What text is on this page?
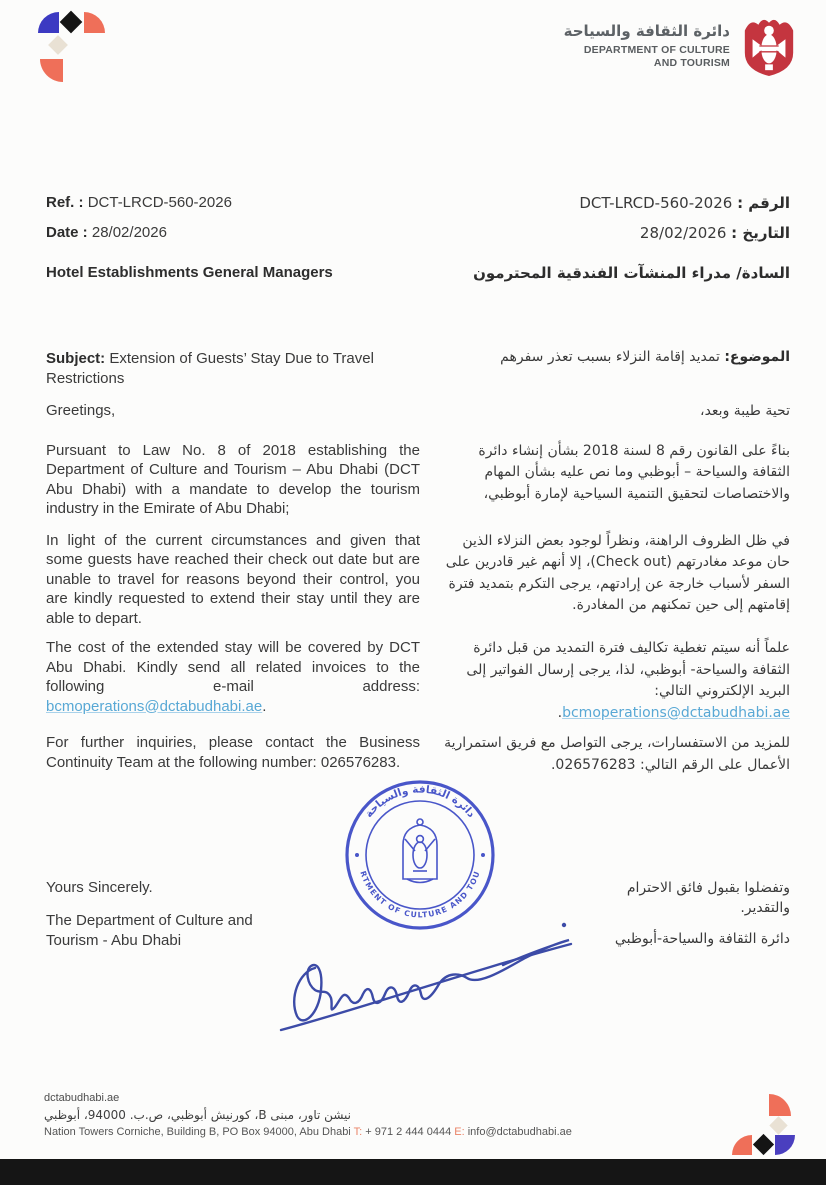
دائرة الثقافة والسياحة
DEPARTMENT OF CULTURE
AND TOURISM
Ref. : DCT-LRCD-560-2026
Date : 28/02/2026
الرقم : DCT-LRCD-560-2026
التاريخ : 28/02/2026
Hotel Establishments General Managers	السادة/ مدراء المنشآت الفندقية المحترمون
Subject: Extension of Guests’ Stay Due to Travel Restrictions
الموضوع: تمديد إقامة النزلاء بسبب تعذر سفرهم
Greetings,	تحية طيبة وبعد،
Pursuant to Law No. 8 of 2018 establishing the Department of Culture and Tourism – Abu Dhabi (DCT Abu Dhabi) with a mandate to develop the tourism industry in the Emirate of Abu Dhabi;
بناءً على القانون رقم 8 لسنة 2018 بشأن إنشاء دائرة الثقافة والسياحة – أبوظبي وما نص عليه بشأن المهام والاختصاصات لتحقيق التنمية السياحية لإمارة أبوظبي،
In light of the current circumstances and given that some guests have reached their check out date but are unable to travel for reasons beyond their control, you are kindly requested to extend their stay until they are able to depart.
في ظل الظروف الراهنة، ونظراً لوجود بعض النزلاء الذين حان موعد مغادرتهم (Check out)، إلا أنهم غير قادرين على السفر لأسباب خارجة عن إرادتهم، يرجى التكرم بتمديد فترة إقامتهم إلى حين تمكنهم من المغادرة.
The cost of the extended stay will be covered by DCT Abu Dhabi. Kindly send all related invoices to the following e-mail address: bcmoperations@dctabudhabi.ae.
علماً أنه سيتم تغطية تكاليف فترة التمديد من قبل دائرة الثقافة والسياحة- أبوظبي، لذا، يرجى إرسال الفواتير إلى البريد الإلكتروني التالي: bcmoperations@dctabudhabi.ae.
For further inquiries, please contact the Business Continuity Team at the following number: 026576283.
للمزيد من الاستفسارات، يرجى التواصل مع فريق استمرارية الأعمال على الرقم التالي: 026576283.
دائرة الثقافة والسياحة
DEPARTMENT OF CULTURE AND TOURISM
Yours Sincerely.
The Department of Culture and Tourism - Abu Dhabi
وتفضلوا بقبول فائق الاحترام والتقدير.
دائرة الثقافة والسياحة-أبوظبي
dctabudhabi.ae
نيشن تاور، مبنى B، كورنيش أبوظبي، ص.ب. 94000، أبوظبي
Nation Towers Corniche, Building B, PO Box 94000, Abu Dhabi T: + 971 2 444 0444 E: info@dctabudhabi.ae
